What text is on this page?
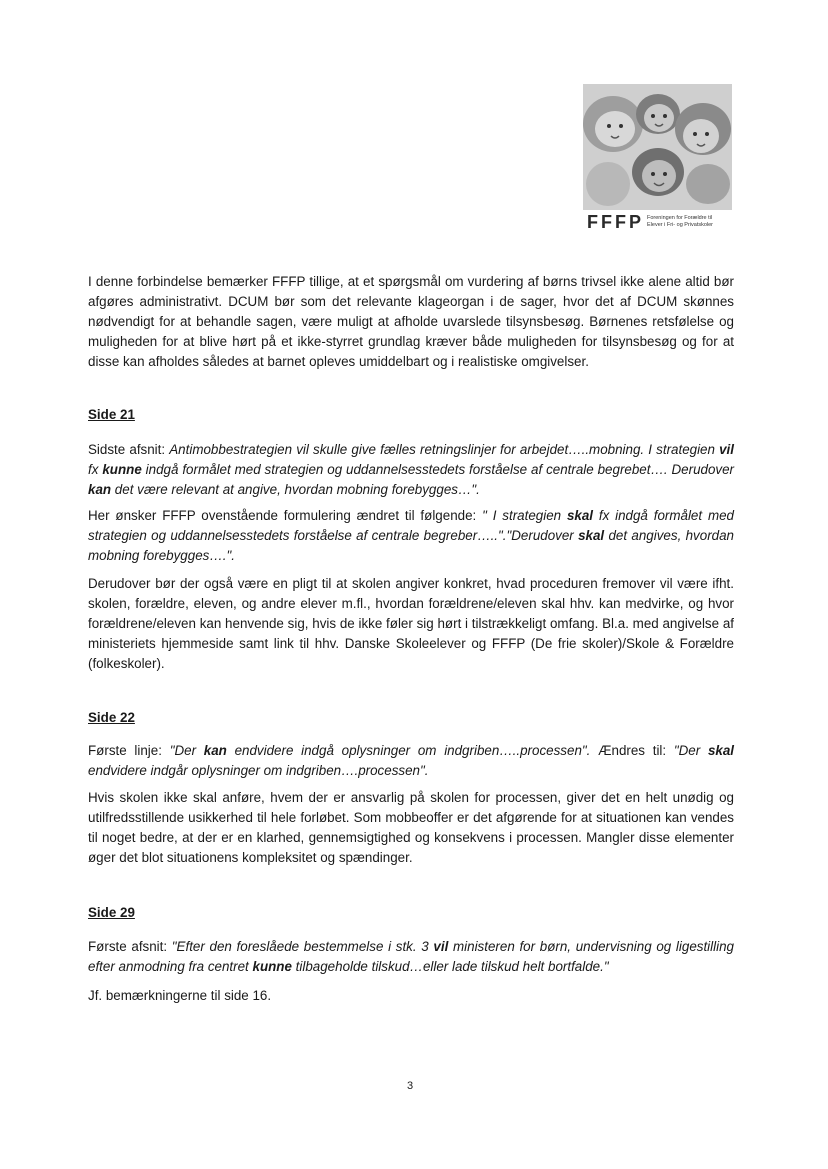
FFFP Foreningen for Forældre til
Elever i Fri- og Privatskoler

I denne forbindelse bemærker FFFP tillige, at et spørgsmål om vurdering af børns trivsel ikke alene altid bør afgøres administrativt. DCUM bør som det relevante klageorgan i de sager, hvor det af DCUM skønnes nødvendigt for at behandle sagen, være muligt at afholde uvarslede tilsynsbesøg. Børnenes retsfølelse og muligheden for at blive hørt på et ikke-styrret grundlag kræver både muligheden for tilsynsbesøg og for at disse kan afholdes således at barnet opleves umiddelbart og i realistiske omgivelser.

Side 21

Sidste afsnit: Antimobbestrategien vil skulle give fælles retningslinjer for arbejdet…..mobning. I strategien vil fx kunne indgå formålet med strategien og uddannelsesstedets forståelse af centrale begrebet…. Derudover kan det være relevant at angive, hvordan mobning forebygges…".

Her ønsker FFFP ovenstående formulering ændret til følgende: " I strategien skal fx indgå formålet med strategien og uddannelsesstedets forståelse af centrale begreber….."."Derudover skal det angives, hvordan mobning forebygges….".

Derudover bør der også være en pligt til at skolen angiver konkret, hvad proceduren fremover vil være ifht. skolen, forældre, eleven, og andre elever m.fl., hvordan forældrene/eleven skal hhv. kan medvirke, og hvor forældrene/eleven kan henvende sig, hvis de ikke føler sig hørt i tilstrækkeligt omfang. Bl.a. med angivelse af ministeriets hjemmeside samt link til hhv. Danske Skoleelever og FFFP (De frie skoler)/Skole & Forældre (folkeskoler).

Side 22

Første linje: "Der kan endvidere indgå oplysninger om indgriben…..processen". Ændres til: "Der skal endvidere indgår oplysninger om indgriben….processen".

Hvis skolen ikke skal anføre, hvem der er ansvarlig på skolen for processen, giver det en helt unødig og utilfredsstillende usikkerhed til hele forløbet. Som mobbeoffer er det afgørende for at situationen kan vendes til noget bedre, at der er en klarhed, gennemsigtighed og konsekvens i processen. Mangler disse elementer øger det blot situationens kompleksitet og spændinger.

Side 29

Første afsnit: "Efter den foreslåede bestemmelse i stk. 3 vil ministeren for børn, undervisning og ligestilling efter anmodning fra centret kunne tilbageholde tilskud…eller lade tilskud helt bortfalde."

Jf. bemærkningerne til side 16.

3
